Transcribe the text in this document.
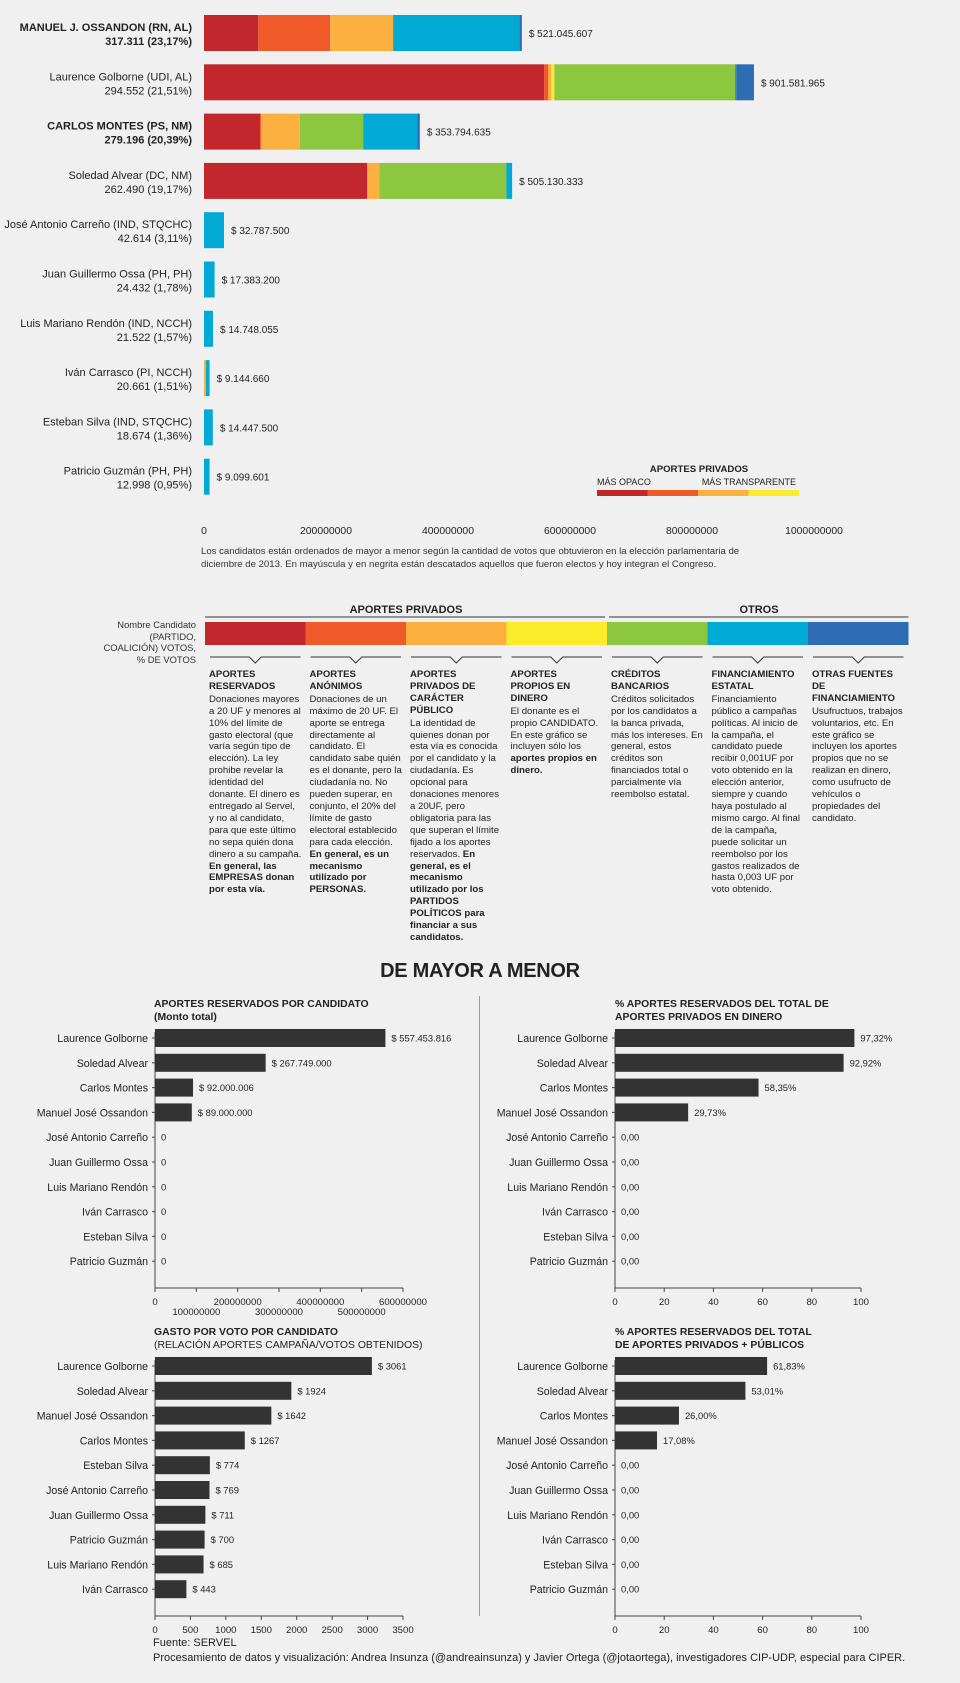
MANUEL J. OSSANDON (RN, AL)
317.311 (23,17%)
$ 521.045.607
Laurence Golborne (UDI, AL)
294.552 (21,51%)
$ 901.581.965
CARLOS MONTES (PS, NM)
279.196 (20,39%)
$ 353.794.635
Soledad Alvear (DC, NM)
262.490 (19,17%)
$ 505.130.333
José Antonio Carreño (IND, STQCHC)
42.614 (3,11%)
$ 32.787.500
Juan Guillermo Ossa (PH, PH)
24.432 (1,78%)
$ 17.383.200
Luis Mariano Rendón (IND, NCCH)
21.522 (1,57%)
$ 14.748.055
Iván Carrasco (PI, NCCH)
20.661 (1,51%)
$ 9.144.660
Esteban Silva (IND, STQCHC)
18.674 (1,36%)
$ 14.447.500
Patricio Guzmán (PH, PH)
12.998 (0,95%)
$ 9.099.601
0	200000000	400000000	600000000	800000000	1000000000
APORTES PRIVADOS
MÁS OPACO	MÁS TRANSPARENTE
Los candidatos están ordenados de mayor a menor según la cantidad de votos que obtuvieron en la elección parlamentaria de diciembre de 2013. En mayúscula y en negrita están descatados aquellos que fueron electos y hoy integran el Congreso.
Nombre Candidato (PARTIDO, COALICIÓN) VOTOS, % DE VOTOS
APORTES PRIVADOS	OTROS
APORTES RESERVADOS
Donaciones mayores a 20 UF y menores al 10% del límite de gasto electoral (que varía según tipo de elección). La ley prohibe revelar la identidad del donante. El dinero es entregado al Servel, y no al candidato, para que este último no sepa quién dona dinero a su campaña. En general, las EMPRESAS donan por esta vía.
APORTES ANÓNIMOS
Donaciones de un máximo de 20 UF. El aporte se entrega directamente al candidato. El candidato sabe quién es el donante, pero la ciudadanía no. No pueden superar, en conjunto, el 20% del límite de gasto electoral establecido para cada elección. En general, es un mecanismo utilizado por PERSONAS.
APORTES PRIVADOS DE CARÁCTER PÚBLICO
La identidad de quienes donan por esta vía es conocida por el candidato y la ciudadanía. Es opcional para donaciones menores a 20UF, pero obligatoria para las que superan el límite fijado a los aportes reservados. En general, es el mecanismo utilizado por los PARTIDOS POLÍTICOS para financiar a sus candidatos.
APORTES PROPIOS EN DINERO
El donante es el propio CANDIDATO. En este gráfico se incluyen sólo los aportes propios en dinero.
CRÉDITOS BANCARIOS
Créditos solicitados por los candidatos a la banca privada, más los intereses. En general, estos créditos son financiados total o parcialmente vía reembolso estatal.
FINANCIAMIENTO ESTATAL
Financiamiento público a campañas políticas. Al inicio de la campaña, el candidato puede recibir 0,001UF por voto obtenido en la elección anterior, siempre y cuando haya postulado al mismo cargo. Al final de la campaña, puede solicitar un reembolso por los gastos realizados de hasta 0,003 UF por voto obtenido.
OTRAS FUENTES DE FINANCIAMIENTO
Usufructuos, trabajos voluntarios, etc. En este gráfico se incluyen los aportes propios que no se realizan en dinero, como usufructo de vehículos o propiedades del candidato.
DE MAYOR A MENOR
APORTES RESERVADOS POR CANDIDATO
(Monto total)
Laurence Golborne	$ 557.453.816
Soledad Alvear	$ 267.749.000
Carlos Montes	$ 92.000.006
Manuel José Ossandon	$ 89.000.000
José Antonio Carreño 0
Juan Guillermo Ossa 0
Luis Mariano Rendón 0
Iván Carrasco 0
Esteban Silva 0
Patricio Guzmán 0
0
100000000
200000000
300000000
400000000
500000000
600000000
% APORTES RESERVADOS DEL TOTAL DE
APORTES PRIVADOS EN DINERO
Laurence Golborne	97,32%
Soledad Alvear	92,92%
Carlos Montes	58,35%
Manuel José Ossandon	29,73%
José Antonio Carreño 0,00
Juan Guillermo Ossa 0,00
Luis Mariano Rendón 0,00
Iván Carrasco 0,00
Esteban Silva 0,00
Patricio Guzmán 0,00
0	20	40	60	80	100
GASTO POR VOTO POR CANDIDATO
(RELACIÓN APORTES CAMPAÑA/VOTOS OBTENIDOS)
Laurence Golborne	$ 3061
Soledad Alvear	$ 1924
Manuel José Ossandon	$ 1642
Carlos Montes	$ 1267
Esteban Silva	$ 774
José Antonio Carreño	$ 769
Juan Guillermo Ossa	$ 711
Patricio Guzmán	$ 700
Luis Mariano Rendón	$ 685
Iván Carrasco	$ 443
0	500 1000 1500 2000 2500 3000 3500
% APORTES RESERVADOS DEL TOTAL
DE APORTES PRIVADOS + PÚBLICOS
Laurence Golborne	61,83%
Soledad Alvear	53,01%
Carlos Montes	26,00%
Manuel José Ossandon	17,08%
José Antonio Carreño 0,00
Juan Guillermo Ossa 0,00
Luis Mariano Rendón 0,00
Iván Carrasco 0,00
Esteban Silva 0,00
Patricio Guzmán 0,00
0	20	40	60	80	100
Fuente: SERVEL
Procesamiento de datos y visualización: Andrea Insunza (@andreainsunza) y Javier Ortega (@jotaortega), investigadores CIP-UDP, especial para CIPER.
